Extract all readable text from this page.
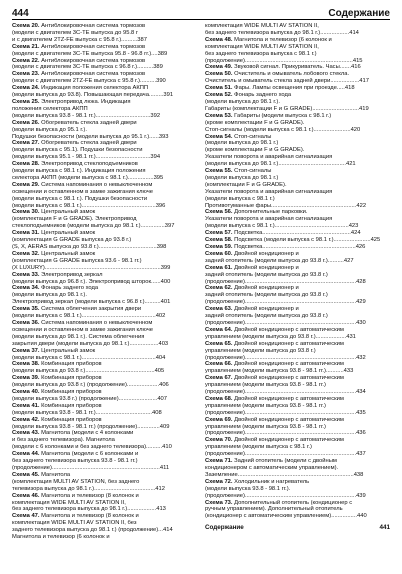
444	Содержание

Схема 20. Антиблокировочная система тормозов
(модели с двигателем 3C-TE выпуска до 95.8 г
и с двигателем 2TZ-FE выпуска с 95.8 г.)..........387

Схема 21. Антиблокировочная система тормозов
(модели с двигателем 3C-TE выпуска 95.8 - 96.8 гг.)....389

Схема 22. Антиблокировочная система тормозов
(модели с двигателем 3C-TE выпуска с 96.8 г.)..........389

Схема 23. Антиблокировочная система тормозов
(модели с двигателем 2TZ-FE выпуска с 95.8 г.)..........390

Схема 24. Индикация положения селектора АКПП
(модели выпуска до 93.8). Повышающая передача.........391

Схема 25. Электропривод люка. Индикация
положения селектора АКПП
(модели выпуска 93.8 - 98.1 гг.)..................................392

Схема 26. Обогреватель стекла задней двери
(модели выпуска до 95.1 г.).
Подушки безопасности (модели выпуска до 95.1 г.)......393

Схема 27. Обогреватель стекла задней двери
(модели выпуска с 95.1). Подушки безопасности
(модели выпуска 95.1 - 98.1 гг.)..................................394

Схема 28. Электропривод стеклоподъемников
(модели выпуска с 98.1 г.). Индикация положения
селектора АКПП (модели выпуска с 98.1 г.)................395

Схема 29. Система напоминания о невыключенном
освещении и оставленном в замке зажигания ключе
(модели выпуска с 98.1 г.). Подушки безопасности
(модели выпуска с 98.1 г.)..............................................396

Схема 30. Центральный замок
(комплектация F и G GRADE). Электропривод
стеклоподъемников (модели выпуска до 98.1 г.)...............397

Схема 31. Центральный замок
(комплектация G GRADE выпуска до 93.8 г.)
(S, X, AERAS выпуска до 93.8 г.)....................................398

Схема 32. Центральный замок
(комплектация G GRADE выпуска 93.6 - 98.1 гг.)
(X LUXURY)........................................................................399

Схема 33. Электропривод зеркал
(модели выпуска до 96.8 г.). Электропривод шторок......400

Схема 34. Фонарь заднего хода
(модели выпуска до 98.1 г.).
Электропривод зеркал (модели выпуска с 96.8 г.)..........401

Схема 35. Система облегчения закрытия двери
(модели выпуска с 98.1 г.)..............................................402

Схема 36. Система напоминания о невыключенном
освещении и оставленном в замке зажигания ключе
(модели выпуска до 98.1 г.). Система облегчения
закрытия двери (модели выпуска до 98.1 г.)..................403

Схема 37. Центральный замок
(модели выпуска с 98.1 г.)..............................................404

Схема 38. Комбинация приборов
(модели выпуска до 93.8 г.)...........................................405

Схема 39. Комбинация приборов
(модели выпуска до 93.8 г.) (продолжение)....................406

Схема 40. Комбинация приборов
(модели выпуска 93.8 г.) (продолжение)........................407

Схема 41. Комбинация приборов
(модели выпуска 93.8 - 98.1 гг.)...................................408

Схема 42. Комбинация приборов
(модели выпуска 93.8 - 98.1 гг.) (продолжение)..............409

Схема 43. Магнитола (модели с 4 колонками
и без заднего телевизора). Магнитола
(модели с 6 колонками и без заднего телевизора)..........410

Схема 44. Магнитола (модели с 6 колонками и
без заднего телевизора выпуска 93.8 - 98.1 гг.)
(продолжение)...................................................................411

Схема 45. Магнитола
(комплектация MULTI AV STATION, без заднего
телевизора выпуска до 98.1 г.)......................................412

Схема 46. Магнитола и телевизор (8 колонок и
комплектация WIDE MULTI AV STATION II,
без заднего телевизора выпуска до 98.1 г.)..................413

Схема 47. Магнитола и телевизор (8 колонок и
комплектация WIDE MULTI AV STATION II, без
заднего телевизора выпуска до 98.1 г.) (продолжение)...414

Магнитола и телевизор (6 колонок и

комплектация WIDE MULTI AV STATION II,
без заднего телевизора выпуска до 98.1 г.)..................414

Схема 48. Магнитола и телевизор (6 колонок и
комплектация WIDE MULTI AV STATION II,
без заднего телевизора выпуска с 98.1 г.)
(продолжение)...................................................................415

Схема 49. Звуковой сигнал. Прикуриватель. Часы.......416

Схема 50. Очиститель и омыватель лобового стекла.
Очиститель и омыватель стекла задней двери..................417

Схема 51. Фары. Лампы освещения при проезде.....418

Схема 52. Фонарь заднего хода
(модели выпуска до 98.1 г.).
Габариты (комплектации F и G GRADE).............................419

Схема 53. Габариты (модели выпуска с 98.1 г.)
(кроме комплектации F и G GRADE).
Стоп-сигналы (модели выпуска с 98.1 г.).......................420

Схема 54. Стоп-сигналы
(модели выпуска до 98.1 г.)
(кроме комплектации F и G GRADE).
Указатели поворота и аварийная сигнализация
(модели выпуска до 98.1 г.)..........................................421

Схема 55. Стоп-сигналы
(модели выпуска до 98.1 г.)
(комплектации F и G GRADE).
Указатели поворота и аварийная сигнализация
(модели выпуска с 98.1 г.)
Противотуманные фары.....................................................422

Схема 56. Дополнительные парковки.
Указатели поворота и аварийная сигнализация
(модели выпуска с 98.1 г.)..............................................423

Схема 57. Подсветка.......................................................424

Схема 58. Подсветка (модели выпуска с 98.1 г.).......................425

Схема 59. Подсветка..........................................................426

Схема 60. Двойной кондиционер и
задний отопитель (модели выпуска до 93.8 г.)..........427

Схема 61. Двойной кондиционер и
задний отопитель (модели выпуска до 93.8 г.)
(продолжение).....................................................................428

Схема 62. Двойной кондиционер и
задний отопитель (модели выпуска до 93.8 г.)
(продолжение).....................................................................429

Схема 63. Двойной кондиционер и
задний отопитель (модели выпуска до 93.8 г.)
(продолжение).....................................................................430

Схема 64. Двойной кондиционер с автоматическим
управлением (модели выпуска до 93.8 г.)...................431

Схема 65. Двойной кондиционер с автоматическим
управлением (модели выпуска до 93.8 г.)
(продолжение).....................................................................432

Схема 66. Двойной кондиционер с автоматическим
управлением (модели выпуска 93.8 - 98.1 гг.)...........433

Схема 67. Двойной кондиционер с автоматическим
управлением (модели выпуска 93.8 - 98.1 гг.)
(продолжение).....................................................................434

Схема 68. Двойной кондиционер с автоматическим
управлением (модели выпуска 93.8 - 98.1 гг.)
(продолжение).....................................................................435

Схема 69. Двойной кондиционер с автоматическим
управлением (модели выпуска 93.8 - 98.1 гг.)
(продолжение).....................................................................436

Схема 70. Двойной кондиционер с автоматическим
управлением (модели выпуска с 98.1 г.)
(продолжение).....................................................................437

Схема 71. Задний отопитель (модели с двойным
кондиционером с автоматическим управлением).
Заземление........................................................................438

Схема 72. Холодильник и нагреватель
(модели выпуска 93.8 - 98.1 гг.).
(продолжение).....................................................................439

Схема 73. Дополнительный отопитель (кондиционер с
ручным управлением). Дополнительный отопитель
(кондиционер с автоматическим управлением)................440

Содержание	441
